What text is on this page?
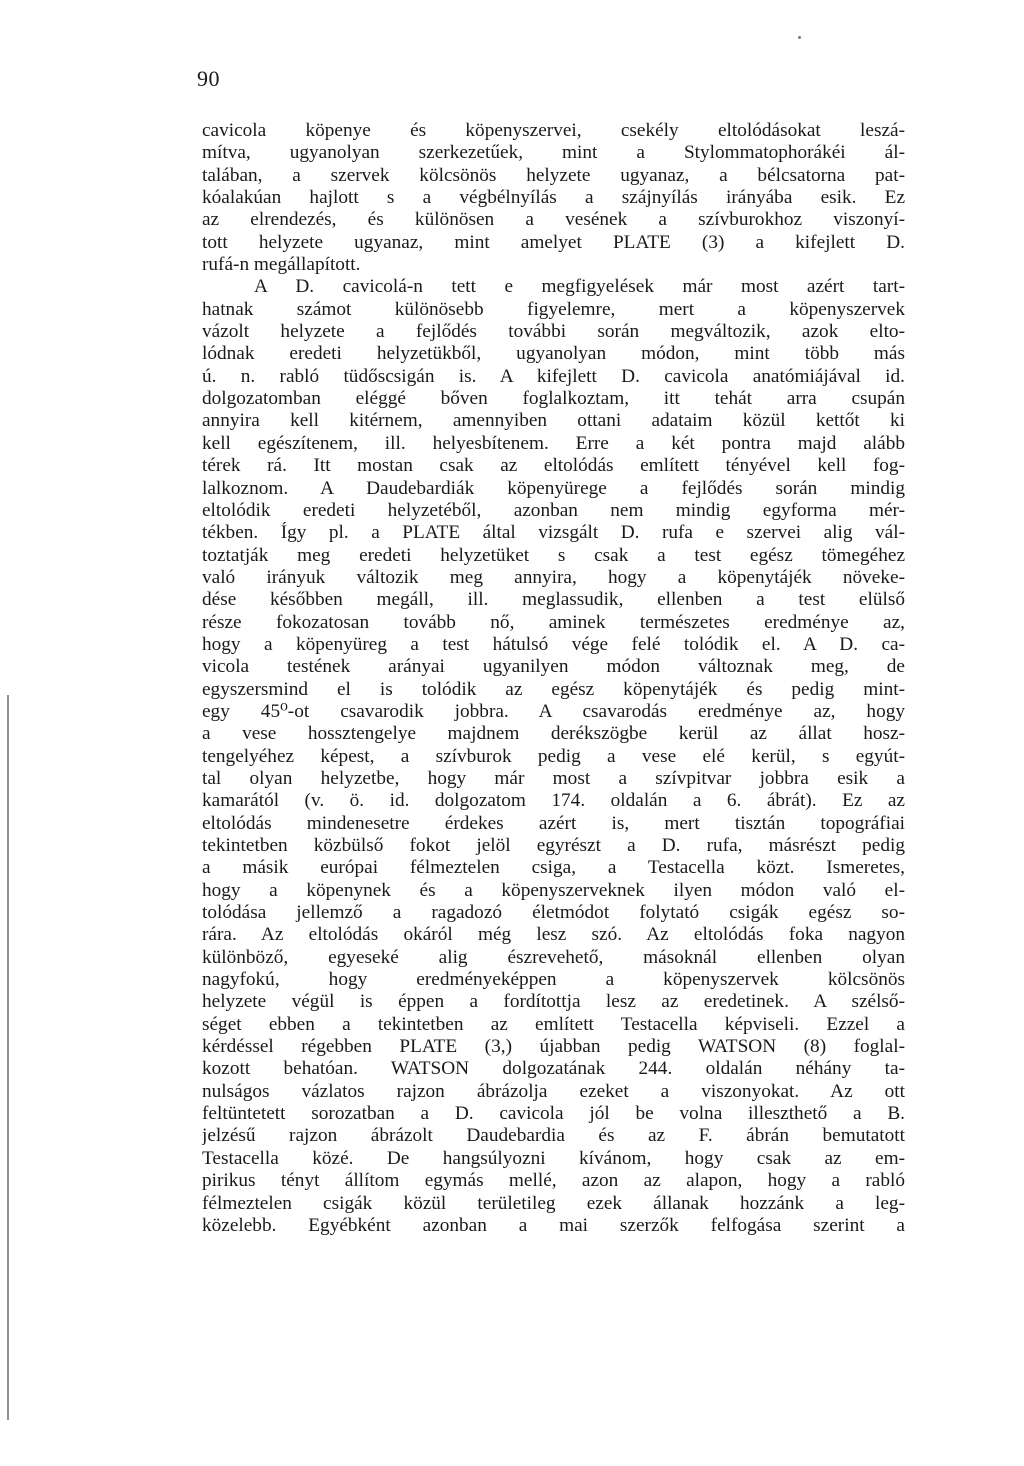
90
cavicola köpenye és köpenyszervei, csekély eltolódásokat leszá-
mítva, ugyanolyan szerkezetűek, mint a Stylommatophorákéi ál-
talában, a szervek kölcsönös helyzete ugyanaz, a bélcsatorna pat-
kóalakúan hajlott s a végbélnyílás a szájnyílás irányába esik. Ez
az elrendezés, és különösen a vesének a szívburokhoz viszonyí-
tott helyzete ugyanaz, mint amelyet PLATE (3) a kifejlett D.
rufá-n megállapított.
A D. cavicolá-n tett e megfigyelések már most azért tart-
hatnak számot különösebb figyelemre, mert a köpenyszervek
vázolt helyzete a fejlődés további során megváltozik, azok elto-
lódnak eredeti helyzetükből, ugyanolyan módon, mint több más
ú. n. rabló tüdőscsigán is. A kifejlett D. cavicola anatómiájával id.
dolgozatomban eléggé bőven foglalkoztam, itt tehát arra csupán
annyira kell kitérnem, amennyiben ottani adataim közül kettőt ki
kell egészítenem, ill. helyesbítenem. Erre a két pontra majd alább
térek rá. Itt mostan csak az eltolódás említett tényével kell fog-
lalkoznom. A Daudebardiák köpenyürege a fejlődés során mindig
eltolódik eredeti helyzetéből, azonban nem mindig egyforma mér-
tékben. Így pl. a PLATE által vizsgált D. rufa e szervei alig vál-
toztatják meg eredeti helyzetüket s csak a test egész tömegéhez
való irányuk változik meg annyira, hogy a köpenytájék növeke-
dése későbben megáll, ill. meglassudik, ellenben a test elülső
része fokozatosan tovább nő, aminek természetes eredménye az,
hogy a köpenyüreg a test hátulsó vége felé tolódik el. A D. ca-
vicola testének arányai ugyanilyen módon változnak meg, de
egyszersmind el is tolódik az egész köpenytájék és pedig mint-
egy 45⁰-ot csavarodik jobbra. A csavarodás eredménye az, hogy
a vese hossztengelye majdnem derékszögbe kerül az állat hosz-
tengelyéhez képest, a szívburok pedig a vese elé kerül, s egyút-
tal olyan helyzetbe, hogy már most a szívpitvar jobbra esik a
kamarától (v. ö. id. dolgozatom 174. oldalán a 6. ábrát). Ez az
eltolódás mindenesetre érdekes azért is, mert tisztán topográfiai
tekintetben közbülső fokot jelöl egyrészt a D. rufa, másrészt pedig
a másik európai félmeztelen csiga, a Testacella közt. Ismeretes,
hogy a köpenynek és a köpenyszerveknek ilyen módon való el-
tolódása jellemző a ragadozó életmódot folytató csigák egész so-
rára. Az eltolódás okáról még lesz szó. Az eltolódás foka nagyon
különböző, egyeseké alig észrevehető, másoknál ellenben olyan
nagyfokú, hogy eredményeképpen a köpenyszervek kölcsönös
helyzete végül is éppen a fordítottja lesz az eredetinek. A szélső-
séget ebben a tekintetben az említett Testacella képviseli. Ezzel a
kérdéssel régebben PLATE (3,) újabban pedig WATSON (8) foglal-
kozott behatóan. WATSON dolgozatának 244. oldalán néhány ta-
nulságos vázlatos rajzon ábrázolja ezeket a viszonyokat. Az ott
feltüntetett sorozatban a D. cavicola jól be volna illeszthető a B.
jelzésű rajzon ábrázolt Daudebardia és az F. ábrán bemutatott
Testacella közé. De hangsúlyozni kívánom, hogy csak az em-
pirikus tényt állítom egymás mellé, azon az alapon, hogy a rabló
félmeztelen csigák közül területileg ezek állanak hozzánk a leg-
közelebb. Egyébként azonban a mai szerzők felfogása szerint a
